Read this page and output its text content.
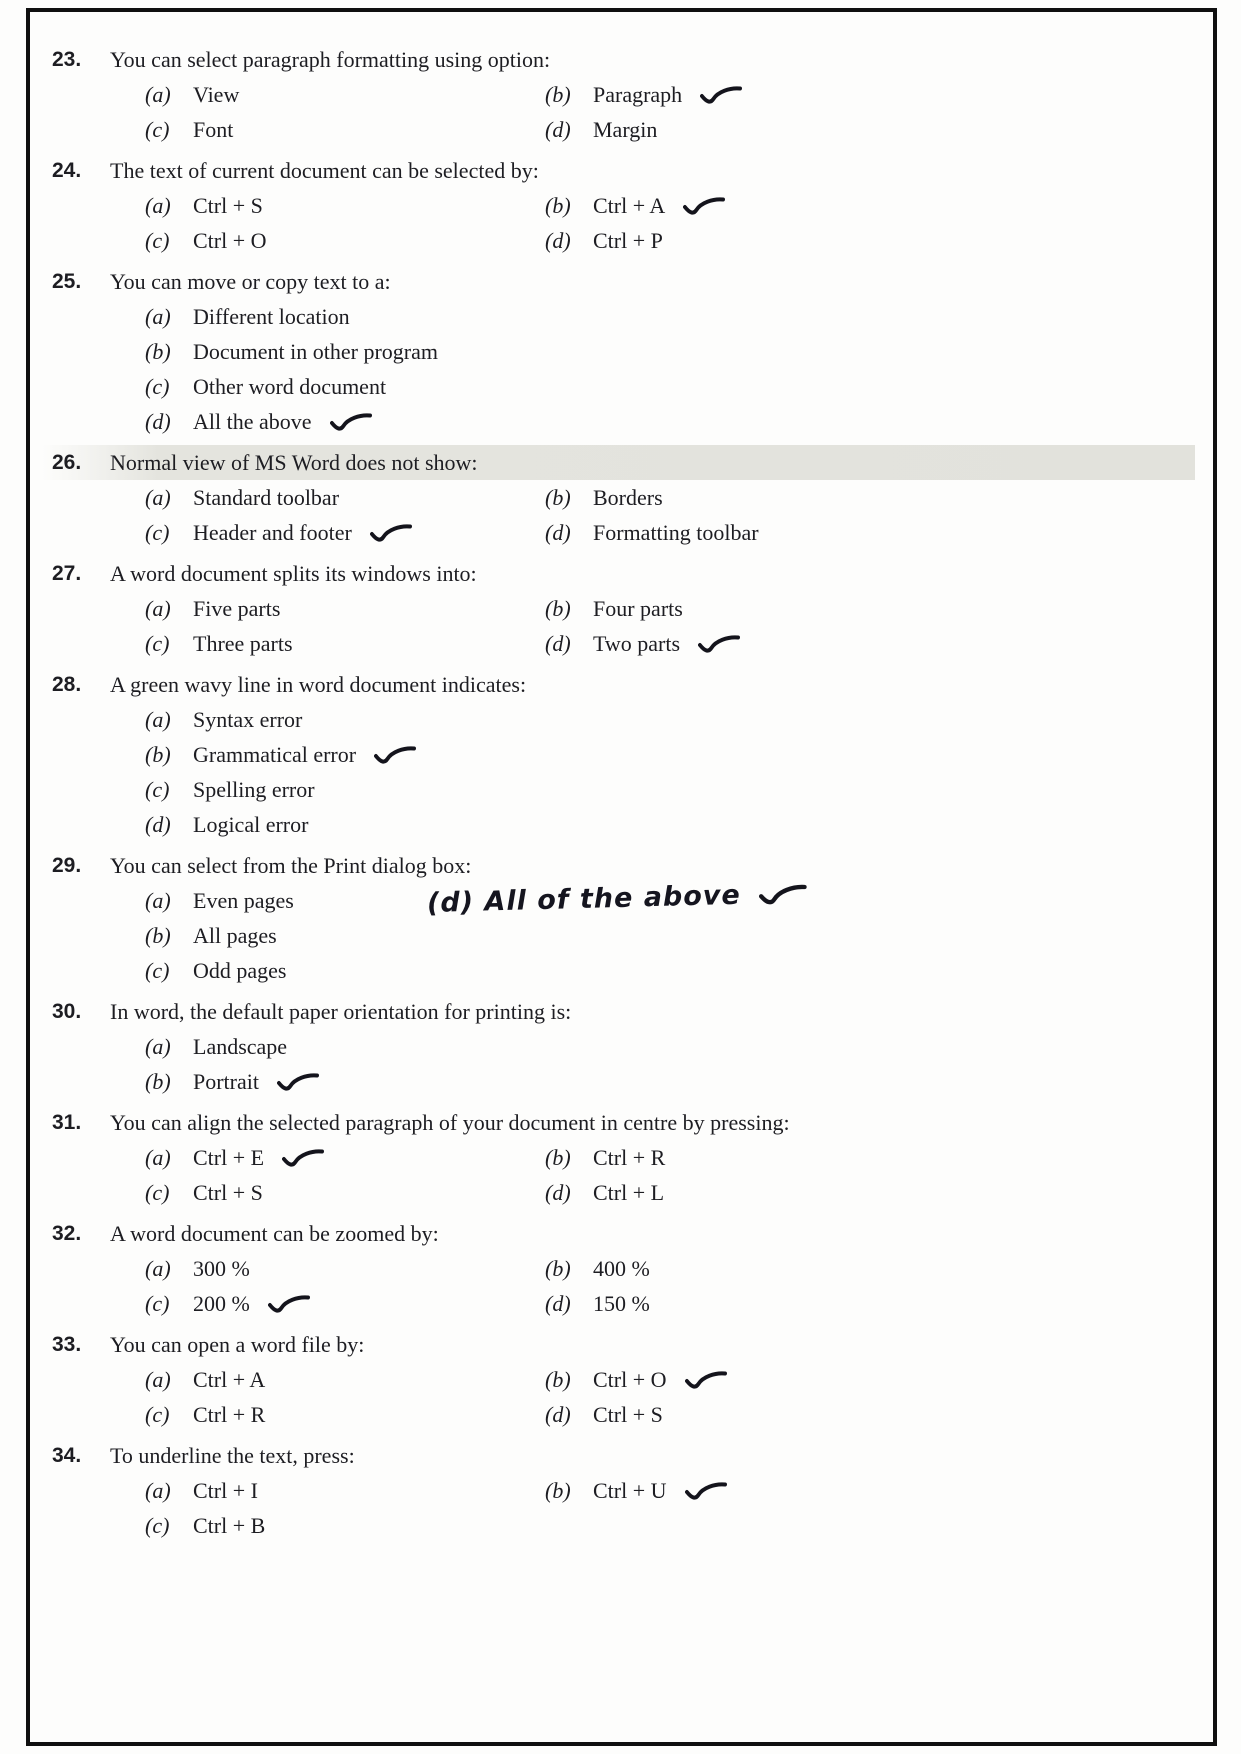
23.	You can select paragraph formatting using option:
(a)	View	(b)	Paragraph
(c)	Font	(d)	Margin
24.	The text of current document can be selected by:
(a)	Ctrl + S	(b)	Ctrl + A
(c)	Ctrl + O	(d)	Ctrl + P
25.	You can move or copy text to a:
(a)	Different location
(b)	Document in other program
(c)	Other word document
(d)	All the above
26.	Normal view of MS Word does not show:
(a)	Standard toolbar	(b)	Borders
(c)	Header and footer	(d)	Formatting toolbar
27.	A word document splits its windows into:
(a)	Five parts	(b)	Four parts
(c)	Three parts	(d)	Two parts
28.	A green wavy line in word document indicates:
(a)	Syntax error
(b)	Grammatical error
(c)	Spelling error
(d)	Logical error
29.	You can select from the Print dialog box:
(a)	Even pages
(b)	All pages
(c)	Odd pages
(d) All of the above
30.	In word, the default paper orientation for printing is:
(a)	Landscape
(b)	Portrait
31.	You can align the selected paragraph of your document in centre by pressing:
(a)	Ctrl + E	(b)	Ctrl + R
(c)	Ctrl + S	(d)	Ctrl + L
32.	A word document can be zoomed by:
(a)	300 %	(b)	400 %
(c)	200 %	(d)	150 %
33.	You can open a word file by:
(a)	Ctrl + A	(b)	Ctrl + O
(c)	Ctrl + R	(d)	Ctrl + S
34.	To underline the text, press:
(a)	Ctrl + I	(b)	Ctrl + U
(c)	Ctrl + B
